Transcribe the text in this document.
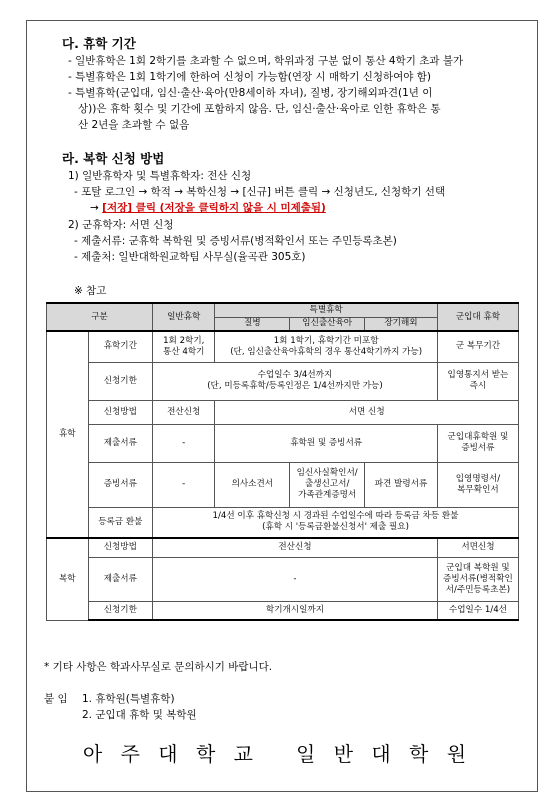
다. 휴학 기간
- 일반휴학은 1회 2학기를 초과할 수 없으며, 학위과정 구분 없이 통산 4학기 초과 불가
- 특별휴학은 1회 1학기에 한하여 신청이 가능함(연장 시 매학기 신청하여야 함)
- 특별휴학(군입대, 임신·출산·육아(만8세이하 자녀), 질병, 장기해외파견(1년 이
상))은 휴학 횟수 및 기간에 포함하지 않음. 단, 임신·출산·육아로 인한 휴학은 통
산 2년을 초과할 수 없음
라. 복학 신청 방법
1) 일반휴학자 및 특별휴학자: 전산 신청
- 포탈 로그인 → 학적 → 복학신청 → [신규] 버튼 클릭 → 신청년도, 신청학기 선택
→ [저장] 클릭 (저장을 클릭하지 않을 시 미제출됨)
2) 군휴학자: 서면 신청
- 제출서류: 군휴학 복학원 및 증빙서류(병적확인서 또는 주민등록초본)
- 제출처: 일반대학원교학팀 사무실(율곡관 305호)
※ 참고
구분		일반휴학	특별휴학			군입대 휴학
			질병	임신출산육아	장기해외	
휴학	휴학기간	1회 2학기,
통산 4학기	1회 1학기, 휴학기간 미포함
(단, 임신출산육아휴학의 경우 통산4학기까지 가능)			군 복무기간
	신청기한	수업일수 3/4선까지
(단, 미등록휴학/등록인정은 1/4선까지만 가능)				입영통지서 받는
즉시
	신청방법	전산신청	서면 신청			
	제출서류	-	휴학원 및 증빙서류			군입대휴학원 및
증빙서류
	증빙서류	-	의사소견서	임신사실확인서/
출생신고서/
가족관계증명서	파견 발령서류	입영명령서/
복무확인서
	등록금 환불	1/4선 이후 휴학신청 시 경과된 수업일수에 따라 등록금 차등 환불
(휴학 시 '등록금환불신청서' 제출 필요)				
복학	신청방법	전산신청				서면신청
	제출서류	-				군입대 복학원 및
증빙서류(병적확인
서/주민등록초본)
	신청기한	학기개시일까지				수업일수 1/4선
* 기타 사항은 학과사무실로 문의하시기 바랍니다.
붙 임 1. 휴학원(특별휴학)
2. 군입대 휴학 및 복학원
아 주 대 학 교   일 반 대 학 원
